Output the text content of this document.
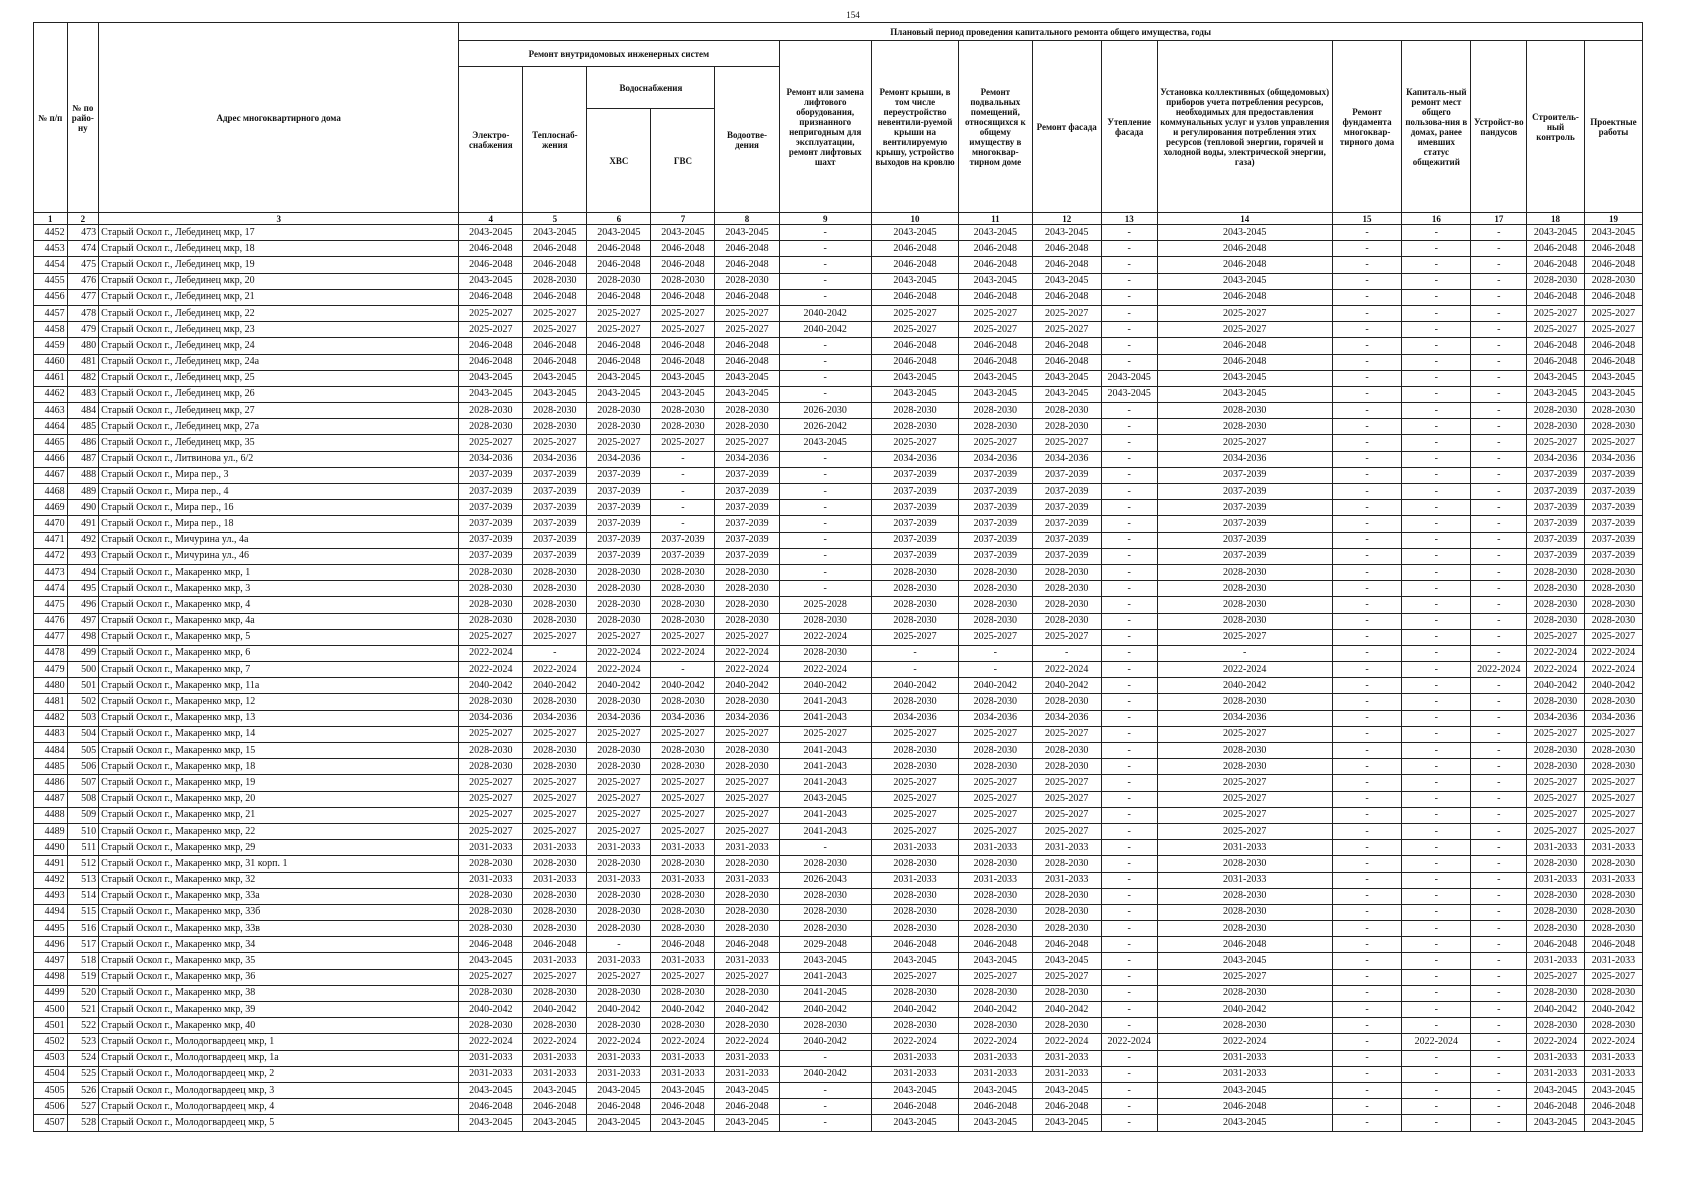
154
№ п/п	№ по райо-ну	Адрес многоквартирного дома	Плановый период проведения капитального ремонта общего имущества, годы															
			Ремонт внутридомовых инженерных систем					Ремонт или замена лифтового оборудования, признанного непригодным для эксплуатации, ремонт лифтовых шахт	Ремонт крыши, в том числе переустройство невентили-руемой крыши на вентилируемую крышу, устройство выходов на кровлю	Ремонт подвальных помещений, относящихся к общему имуществу в многоквар-тирном доме	Ремонт фасада	Утепление фасада	Установка коллективных (общедомовых) приборов учета потребления ресурсов, необходимых для предоставления коммунальных услуг и узлов управления и регулирования потребления этих ресурсов (тепловой энергии, горячей и холодной воды, электрической энергии, газа)	Ремонт фундамента многоквар-тирного дома	Капиталь-ный ремонт мест общего пользова-ния в домах, ранее имевших статус общежитий	Устройст-во пандусов	Строитель-ный контроль	Проектные работы
			Электро-снабжения	Теплоснаб-жения	Водоснабжения		Водоотве-дения											
					ХВС	ГВС												
1	2	3	4	5	6	7	8	9	10	11	12	13	14	15	16	17	18	19
4452	473	Старый Оскол г., Лебединец мкр, 17	2043-2045	2043-2045	2043-2045	2043-2045	2043-2045	-	2043-2045	2043-2045	2043-2045	-	2043-2045	-	-	-	2043-2045	2043-2045
4453	474	Старый Оскол г., Лебединец мкр, 18	2046-2048	2046-2048	2046-2048	2046-2048	2046-2048	-	2046-2048	2046-2048	2046-2048	-	2046-2048	-	-	-	2046-2048	2046-2048
4454	475	Старый Оскол г., Лебединец мкр, 19	2046-2048	2046-2048	2046-2048	2046-2048	2046-2048	-	2046-2048	2046-2048	2046-2048	-	2046-2048	-	-	-	2046-2048	2046-2048
4455	476	Старый Оскол г., Лебединец мкр, 20	2043-2045	2028-2030	2028-2030	2028-2030	2028-2030	-	2043-2045	2043-2045	2043-2045	-	2043-2045	-	-	-	2028-2030	2028-2030
4456	477	Старый Оскол г., Лебединец мкр, 21	2046-2048	2046-2048	2046-2048	2046-2048	2046-2048	-	2046-2048	2046-2048	2046-2048	-	2046-2048	-	-	-	2046-2048	2046-2048
4457	478	Старый Оскол г., Лебединец мкр, 22	2025-2027	2025-2027	2025-2027	2025-2027	2025-2027	2040-2042	2025-2027	2025-2027	2025-2027	-	2025-2027	-	-	-	2025-2027	2025-2027
4458	479	Старый Оскол г., Лебединец мкр, 23	2025-2027	2025-2027	2025-2027	2025-2027	2025-2027	2040-2042	2025-2027	2025-2027	2025-2027	-	2025-2027	-	-	-	2025-2027	2025-2027
4459	480	Старый Оскол г., Лебединец мкр, 24	2046-2048	2046-2048	2046-2048	2046-2048	2046-2048	-	2046-2048	2046-2048	2046-2048	-	2046-2048	-	-	-	2046-2048	2046-2048
4460	481	Старый Оскол г., Лебединец мкр, 24а	2046-2048	2046-2048	2046-2048	2046-2048	2046-2048	-	2046-2048	2046-2048	2046-2048	-	2046-2048	-	-	-	2046-2048	2046-2048
4461	482	Старый Оскол г., Лебединец мкр, 25	2043-2045	2043-2045	2043-2045	2043-2045	2043-2045	-	2043-2045	2043-2045	2043-2045	2043-2045	2043-2045	-	-	-	2043-2045	2043-2045
4462	483	Старый Оскол г., Лебединец мкр, 26	2043-2045	2043-2045	2043-2045	2043-2045	2043-2045	-	2043-2045	2043-2045	2043-2045	2043-2045	2043-2045	-	-	-	2043-2045	2043-2045
4463	484	Старый Оскол г., Лебединец мкр, 27	2028-2030	2028-2030	2028-2030	2028-2030	2028-2030	2026-2030	2028-2030	2028-2030	2028-2030	-	2028-2030	-	-	-	2028-2030	2028-2030
4464	485	Старый Оскол г., Лебединец мкр, 27а	2028-2030	2028-2030	2028-2030	2028-2030	2028-2030	2026-2042	2028-2030	2028-2030	2028-2030	-	2028-2030	-	-	-	2028-2030	2028-2030
4465	486	Старый Оскол г., Лебединец мкр, 35	2025-2027	2025-2027	2025-2027	2025-2027	2025-2027	2043-2045	2025-2027	2025-2027	2025-2027	-	2025-2027	-	-	-	2025-2027	2025-2027
4466	487	Старый Оскол г., Литвинова ул., 6/2	2034-2036	2034-2036	2034-2036	-	2034-2036	-	2034-2036	2034-2036	2034-2036	-	2034-2036	-	-	-	2034-2036	2034-2036
4467	488	Старый Оскол г., Мира пер., 3	2037-2039	2037-2039	2037-2039	-	2037-2039	-	2037-2039	2037-2039	2037-2039	-	2037-2039	-	-	-	2037-2039	2037-2039
4468	489	Старый Оскол г., Мира пер., 4	2037-2039	2037-2039	2037-2039	-	2037-2039	-	2037-2039	2037-2039	2037-2039	-	2037-2039	-	-	-	2037-2039	2037-2039
4469	490	Старый Оскол г., Мира пер., 16	2037-2039	2037-2039	2037-2039	-	2037-2039	-	2037-2039	2037-2039	2037-2039	-	2037-2039	-	-	-	2037-2039	2037-2039
4470	491	Старый Оскол г., Мира пер., 18	2037-2039	2037-2039	2037-2039	-	2037-2039	-	2037-2039	2037-2039	2037-2039	-	2037-2039	-	-	-	2037-2039	2037-2039
4471	492	Старый Оскол г., Мичурина ул., 4а	2037-2039	2037-2039	2037-2039	2037-2039	2037-2039	-	2037-2039	2037-2039	2037-2039	-	2037-2039	-	-	-	2037-2039	2037-2039
4472	493	Старый Оскол г., Мичурина ул., 46	2037-2039	2037-2039	2037-2039	2037-2039	2037-2039	-	2037-2039	2037-2039	2037-2039	-	2037-2039	-	-	-	2037-2039	2037-2039
4473	494	Старый Оскол г., Макаренко мкр, 1	2028-2030	2028-2030	2028-2030	2028-2030	2028-2030	-	2028-2030	2028-2030	2028-2030	-	2028-2030	-	-	-	2028-2030	2028-2030
4474	495	Старый Оскол г., Макаренко мкр, 3	2028-2030	2028-2030	2028-2030	2028-2030	2028-2030	-	2028-2030	2028-2030	2028-2030	-	2028-2030	-	-	-	2028-2030	2028-2030
4475	496	Старый Оскол г., Макаренко мкр, 4	2028-2030	2028-2030	2028-2030	2028-2030	2028-2030	2025-2028	2028-2030	2028-2030	2028-2030	-	2028-2030	-	-	-	2028-2030	2028-2030
4476	497	Старый Оскол г., Макаренко мкр, 4а	2028-2030	2028-2030	2028-2030	2028-2030	2028-2030	2028-2030	2028-2030	2028-2030	2028-2030	-	2028-2030	-	-	-	2028-2030	2028-2030
4477	498	Старый Оскол г., Макаренко мкр, 5	2025-2027	2025-2027	2025-2027	2025-2027	2025-2027	2022-2024	2025-2027	2025-2027	2025-2027	-	2025-2027	-	-	-	2025-2027	2025-2027
4478	499	Старый Оскол г., Макаренко мкр, 6	2022-2024	-	2022-2024	2022-2024	2022-2024	2028-2030	-	-	-	-	-	-	-	-	2022-2024	2022-2024
4479	500	Старый Оскол г., Макаренко мкр, 7	2022-2024	2022-2024	2022-2024	-	2022-2024	2022-2024	-	-	2022-2024	-	2022-2024	-	-	2022-2024	2022-2024	2022-2024
4480	501	Старый Оскол г., Макаренко мкр, 11а	2040-2042	2040-2042	2040-2042	2040-2042	2040-2042	2040-2042	2040-2042	2040-2042	2040-2042	-	2040-2042	-	-	-	2040-2042	2040-2042
4481	502	Старый Оскол г., Макаренко мкр, 12	2028-2030	2028-2030	2028-2030	2028-2030	2028-2030	2041-2043	2028-2030	2028-2030	2028-2030	-	2028-2030	-	-	-	2028-2030	2028-2030
4482	503	Старый Оскол г., Макаренко мкр, 13	2034-2036	2034-2036	2034-2036	2034-2036	2034-2036	2041-2043	2034-2036	2034-2036	2034-2036	-	2034-2036	-	-	-	2034-2036	2034-2036
4483	504	Старый Оскол г., Макаренко мкр, 14	2025-2027	2025-2027	2025-2027	2025-2027	2025-2027	2025-2027	2025-2027	2025-2027	2025-2027	-	2025-2027	-	-	-	2025-2027	2025-2027
4484	505	Старый Оскол г., Макаренко мкр, 15	2028-2030	2028-2030	2028-2030	2028-2030	2028-2030	2041-2043	2028-2030	2028-2030	2028-2030	-	2028-2030	-	-	-	2028-2030	2028-2030
4485	506	Старый Оскол г., Макаренко мкр, 18	2028-2030	2028-2030	2028-2030	2028-2030	2028-2030	2041-2043	2028-2030	2028-2030	2028-2030	-	2028-2030	-	-	-	2028-2030	2028-2030
4486	507	Старый Оскол г., Макаренко мкр, 19	2025-2027	2025-2027	2025-2027	2025-2027	2025-2027	2041-2043	2025-2027	2025-2027	2025-2027	-	2025-2027	-	-	-	2025-2027	2025-2027
4487	508	Старый Оскол г., Макаренко мкр, 20	2025-2027	2025-2027	2025-2027	2025-2027	2025-2027	2043-2045	2025-2027	2025-2027	2025-2027	-	2025-2027	-	-	-	2025-2027	2025-2027
4488	509	Старый Оскол г., Макаренко мкр, 21	2025-2027	2025-2027	2025-2027	2025-2027	2025-2027	2041-2043	2025-2027	2025-2027	2025-2027	-	2025-2027	-	-	-	2025-2027	2025-2027
4489	510	Старый Оскол г., Макаренко мкр, 22	2025-2027	2025-2027	2025-2027	2025-2027	2025-2027	2041-2043	2025-2027	2025-2027	2025-2027	-	2025-2027	-	-	-	2025-2027	2025-2027
4490	511	Старый Оскол г., Макаренко мкр, 29	2031-2033	2031-2033	2031-2033	2031-2033	2031-2033	-	2031-2033	2031-2033	2031-2033	-	2031-2033	-	-	-	2031-2033	2031-2033
4491	512	Старый Оскол г., Макаренко мкр, 31 корп. 1	2028-2030	2028-2030	2028-2030	2028-2030	2028-2030	2028-2030	2028-2030	2028-2030	2028-2030	-	2028-2030	-	-	-	2028-2030	2028-2030
4492	513	Старый Оскол г., Макаренко мкр, 32	2031-2033	2031-2033	2031-2033	2031-2033	2031-2033	2026-2043	2031-2033	2031-2033	2031-2033	-	2031-2033	-	-	-	2031-2033	2031-2033
4493	514	Старый Оскол г., Макаренко мкр, 33а	2028-2030	2028-2030	2028-2030	2028-2030	2028-2030	2028-2030	2028-2030	2028-2030	2028-2030	-	2028-2030	-	-	-	2028-2030	2028-2030
4494	515	Старый Оскол г., Макаренко мкр, 33б	2028-2030	2028-2030	2028-2030	2028-2030	2028-2030	2028-2030	2028-2030	2028-2030	2028-2030	-	2028-2030	-	-	-	2028-2030	2028-2030
4495	516	Старый Оскол г., Макаренко мкр, 33в	2028-2030	2028-2030	2028-2030	2028-2030	2028-2030	2028-2030	2028-2030	2028-2030	2028-2030	-	2028-2030	-	-	-	2028-2030	2028-2030
4496	517	Старый Оскол г., Макаренко мкр, 34	2046-2048	2046-2048	-	2046-2048	2046-2048	2029-2048	2046-2048	2046-2048	2046-2048	-	2046-2048	-	-	-	2046-2048	2046-2048
4497	518	Старый Оскол г., Макаренко мкр, 35	2043-2045	2031-2033	2031-2033	2031-2033	2031-2033	2043-2045	2043-2045	2043-2045	2043-2045	-	2043-2045	-	-	-	2031-2033	2031-2033
4498	519	Старый Оскол г., Макаренко мкр, 36	2025-2027	2025-2027	2025-2027	2025-2027	2025-2027	2041-2043	2025-2027	2025-2027	2025-2027	-	2025-2027	-	-	-	2025-2027	2025-2027
4499	520	Старый Оскол г., Макаренко мкр, 38	2028-2030	2028-2030	2028-2030	2028-2030	2028-2030	2041-2045	2028-2030	2028-2030	2028-2030	-	2028-2030	-	-	-	2028-2030	2028-2030
4500	521	Старый Оскол г., Макаренко мкр, 39	2040-2042	2040-2042	2040-2042	2040-2042	2040-2042	2040-2042	2040-2042	2040-2042	2040-2042	-	2040-2042	-	-	-	2040-2042	2040-2042
4501	522	Старый Оскол г., Макаренко мкр, 40	2028-2030	2028-2030	2028-2030	2028-2030	2028-2030	2028-2030	2028-2030	2028-2030	2028-2030	-	2028-2030	-	-	-	2028-2030	2028-2030
4502	523	Старый Оскол г., Молодогвардеец мкр, 1	2022-2024	2022-2024	2022-2024	2022-2024	2022-2024	2040-2042	2022-2024	2022-2024	2022-2024	2022-2024	2022-2024	-	2022-2024	-	2022-2024	2022-2024
4503	524	Старый Оскол г., Молодогвардеец мкр, 1а	2031-2033	2031-2033	2031-2033	2031-2033	2031-2033	-	2031-2033	2031-2033	2031-2033	-	2031-2033	-	-	-	2031-2033	2031-2033
4504	525	Старый Оскол г., Молодогвардеец мкр, 2	2031-2033	2031-2033	2031-2033	2031-2033	2031-2033	2040-2042	2031-2033	2031-2033	2031-2033	-	2031-2033	-	-	-	2031-2033	2031-2033
4505	526	Старый Оскол г., Молодогвардеец мкр, 3	2043-2045	2043-2045	2043-2045	2043-2045	2043-2045	-	2043-2045	2043-2045	2043-2045	-	2043-2045	-	-	-	2043-2045	2043-2045
4506	527	Старый Оскол г., Молодогвардеец мкр, 4	2046-2048	2046-2048	2046-2048	2046-2048	2046-2048	-	2046-2048	2046-2048	2046-2048	-	2046-2048	-	-	-	2046-2048	2046-2048
4507	528	Старый Оскол г., Молодогвардеец мкр, 5	2043-2045	2043-2045	2043-2045	2043-2045	2043-2045	-	2043-2045	2043-2045	2043-2045	-	2043-2045	-	-	-	2043-2045	2043-2045
